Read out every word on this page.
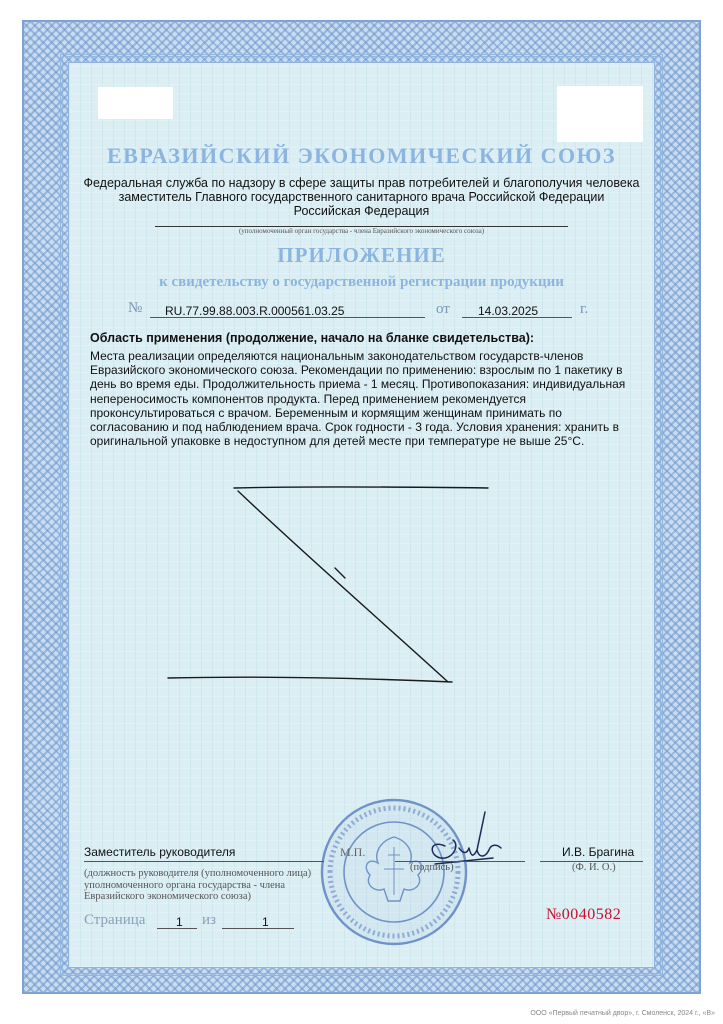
ЕВРАЗИЙСКИЙ ЭКОНОМИЧЕСКИЙ СОЮЗ
Федеральная служба по надзору в сфере защиты прав потребителей и благополучия человека
заместитель Главного государственного санитарного врача Российской Федерации
Российская Федерация
(уполномоченный орган государства - члена Евразийского экономического союза)
ПРИЛОЖЕНИЕ
к свидетельству о государственной регистрации продукции
№ RU.77.99.88.003.R.000561.03.25	от 14.03.2025	г.
Область применения (продолжение, начало на бланке свидетельства):
Места реализации определяются национальным законодательством государств-членов
Евразийского экономического союза. Рекомендации по применению: взрослым по 1 пакетику в
день во время еды. Продолжительность приема - 1 месяц. Противопоказания: индивидуальная
непереносимость компонентов продукта. Перед применением рекомендуется
проконсультироваться с врачом. Беременным и кормящим женщинам принимать по
согласованию и под наблюдением врача. Срок годности - 3 года. Условия хранения: хранить в
оригинальной упаковке в недоступном для детей месте при температуре не выше 25°C.
Заместитель руководителя	М.П.
(подпись)
И.В. Брагина
(Ф. И. О.)
(должность руководителя (уполномоченного лица) уполномоченного органа государства - члена Евразийского экономического союза)
Страница	1 из	1	№0040582
ООО «Первый печатный двор», г. Смоленск, 2024 г., «В»
